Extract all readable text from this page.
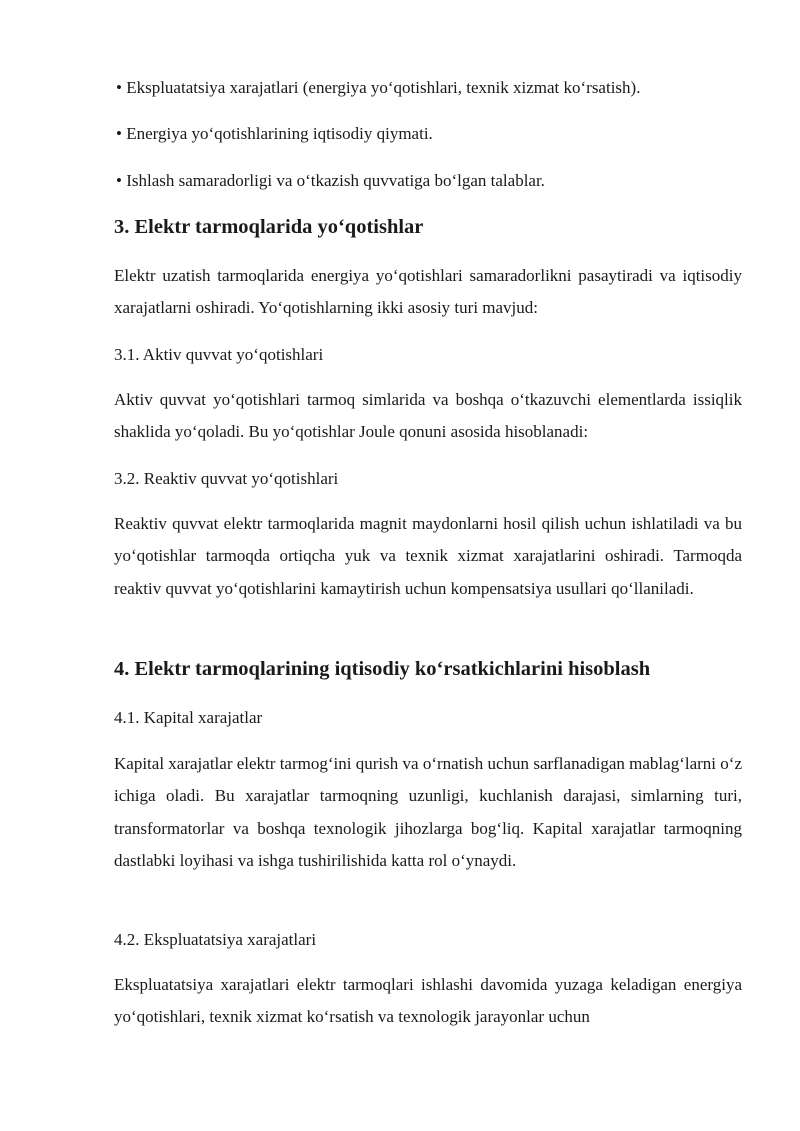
• Ekspluatatsiya xarajatlari (energiya yo‘qotishlari, texnik xizmat ko‘rsatish).
• Energiya yo‘qotishlarining iqtisodiy qiymati.
• Ishlash samaradorligi va o‘tkazish quvvatiga bo‘lgan talablar.
3. Elektr tarmoqlarida yo‘qotishlar
Elektr uzatish tarmoqlarida energiya yo‘qotishlari samaradorlikni pasaytiradi va iqtisodiy xarajatlarni oshiradi. Yo‘qotishlarning ikki asosiy turi mavjud:
3.1. Aktiv quvvat yo‘qotishlari
Aktiv quvvat yo‘qotishlari tarmoq simlarida va boshqa o‘tkazuvchi elementlarda issiqlik shaklida yo‘qoladi. Bu yo‘qotishlar Joule qonuni asosida hisoblanadi:
3.2. Reaktiv quvvat yo‘qotishlari
Reaktiv quvvat elektr tarmoqlarida magnit maydonlarni hosil qilish uchun ishlatiladi va bu yo‘qotishlar tarmoqda ortiqcha yuk va texnik xizmat xarajatlarini oshiradi. Tarmoqda reaktiv quvvat yo‘qotishlarini kamaytirish uchun kompensatsiya usullari qo‘llaniladi.
4. Elektr tarmoqlarining iqtisodiy ko‘rsatkichlarini hisoblash
4.1. Kapital xarajatlar
Kapital xarajatlar elektr tarmog‘ini qurish va o‘rnatish uchun sarflanadigan mablag‘larni o‘z ichiga oladi. Bu xarajatlar tarmoqning uzunligi, kuchlanish darajasi, simlarning turi, transformatorlar va boshqa texnologik jihozlarga bog‘liq. Kapital xarajatlar tarmoqning dastlabki loyihasi va ishga tushirilishida katta rol o‘ynaydi.
4.2. Ekspluatatsiya xarajatlari
Ekspluatatsiya xarajatlari elektr tarmoqlari ishlashi davomida yuzaga keladigan energiya yo‘qotishlari, texnik xizmat ko‘rsatish va texnologik jarayonlar uchun
